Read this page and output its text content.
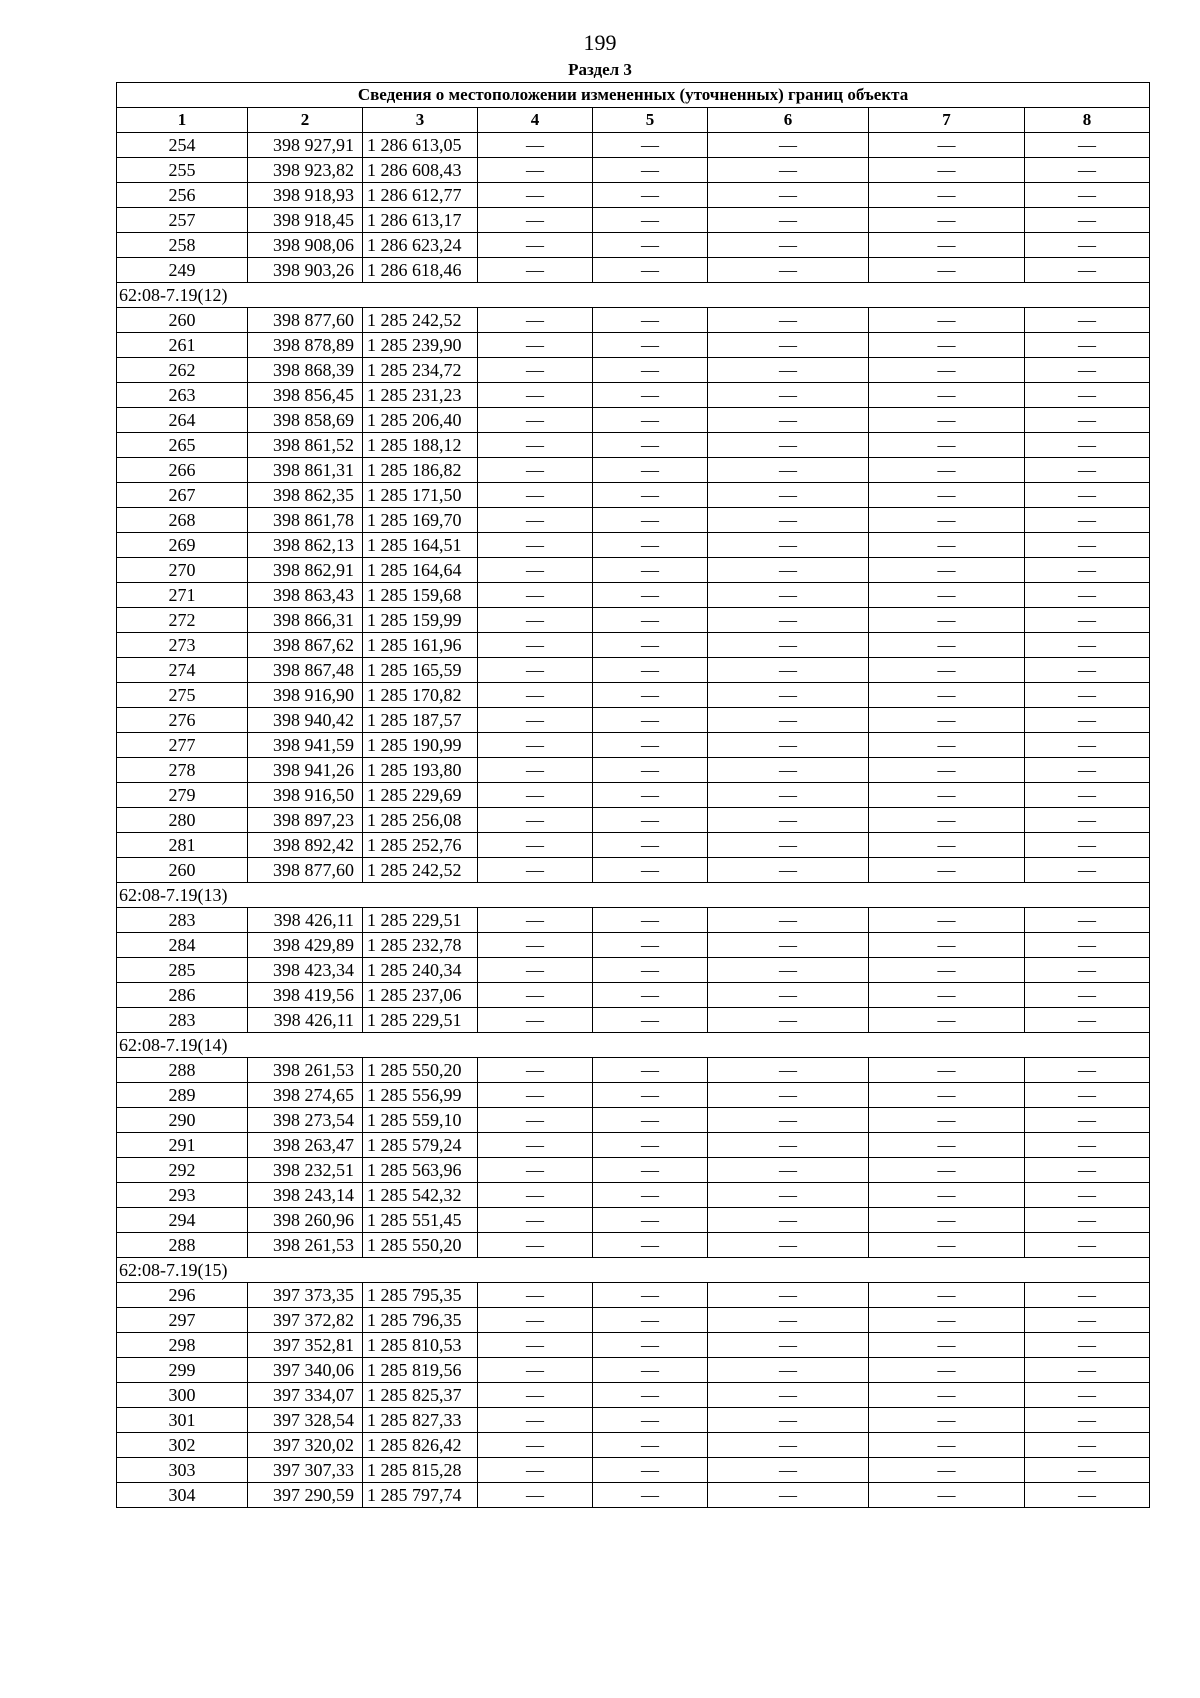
199
Раздел 3
Сведения о местоположении измененных (уточненных) границ объекта							
1	2	3	4	5	6	7	8
254	398 927,91	1 286 613,05	—	—	—	—	—
255	398 923,82	1 286 608,43	—	—	—	—	—
256	398 918,93	1 286 612,77	—	—	—	—	—
257	398 918,45	1 286 613,17	—	—	—	—	—
258	398 908,06	1 286 623,24	—	—	—	—	—
249	398 903,26	1 286 618,46	—	—	—	—	—
62:08-7.19(12)							
260	398 877,60	1 285 242,52	—	—	—	—	—
261	398 878,89	1 285 239,90	—	—	—	—	—
262	398 868,39	1 285 234,72	—	—	—	—	—
263	398 856,45	1 285 231,23	—	—	—	—	—
264	398 858,69	1 285 206,40	—	—	—	—	—
265	398 861,52	1 285 188,12	—	—	—	—	—
266	398 861,31	1 285 186,82	—	—	—	—	—
267	398 862,35	1 285 171,50	—	—	—	—	—
268	398 861,78	1 285 169,70	—	—	—	—	—
269	398 862,13	1 285 164,51	—	—	—	—	—
270	398 862,91	1 285 164,64	—	—	—	—	—
271	398 863,43	1 285 159,68	—	—	—	—	—
272	398 866,31	1 285 159,99	—	—	—	—	—
273	398 867,62	1 285 161,96	—	—	—	—	—
274	398 867,48	1 285 165,59	—	—	—	—	—
275	398 916,90	1 285 170,82	—	—	—	—	—
276	398 940,42	1 285 187,57	—	—	—	—	—
277	398 941,59	1 285 190,99	—	—	—	—	—
278	398 941,26	1 285 193,80	—	—	—	—	—
279	398 916,50	1 285 229,69	—	—	—	—	—
280	398 897,23	1 285 256,08	—	—	—	—	—
281	398 892,42	1 285 252,76	—	—	—	—	—
260	398 877,60	1 285 242,52	—	—	—	—	—
62:08-7.19(13)							
283	398 426,11	1 285 229,51	—	—	—	—	—
284	398 429,89	1 285 232,78	—	—	—	—	—
285	398 423,34	1 285 240,34	—	—	—	—	—
286	398 419,56	1 285 237,06	—	—	—	—	—
283	398 426,11	1 285 229,51	—	—	—	—	—
62:08-7.19(14)							
288	398 261,53	1 285 550,20	—	—	—	—	—
289	398 274,65	1 285 556,99	—	—	—	—	—
290	398 273,54	1 285 559,10	—	—	—	—	—
291	398 263,47	1 285 579,24	—	—	—	—	—
292	398 232,51	1 285 563,96	—	—	—	—	—
293	398 243,14	1 285 542,32	—	—	—	—	—
294	398 260,96	1 285 551,45	—	—	—	—	—
288	398 261,53	1 285 550,20	—	—	—	—	—
62:08-7.19(15)							
296	397 373,35	1 285 795,35	—	—	—	—	—
297	397 372,82	1 285 796,35	—	—	—	—	—
298	397 352,81	1 285 810,53	—	—	—	—	—
299	397 340,06	1 285 819,56	—	—	—	—	—
300	397 334,07	1 285 825,37	—	—	—	—	—
301	397 328,54	1 285 827,33	—	—	—	—	—
302	397 320,02	1 285 826,42	—	—	—	—	—
303	397 307,33	1 285 815,28	—	—	—	—	—
304	397 290,59	1 285 797,74	—	—	—	—	—
